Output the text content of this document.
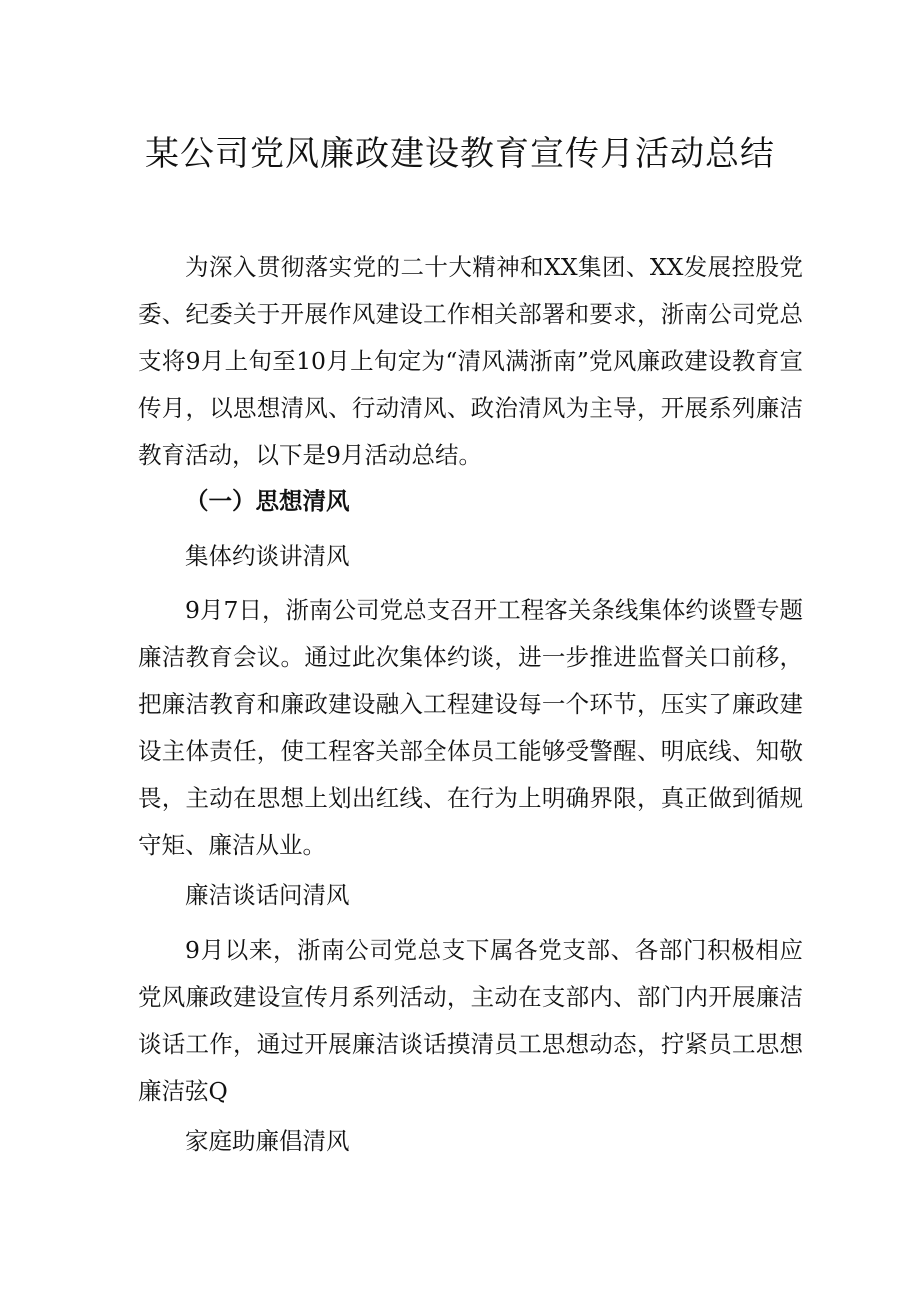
某公司党风廉政建设教育宣传月活动总结

为深入贯彻落实党的二十大精神和XX集团、XX发展控股党委、纪委关于开展作风建设工作相关部署和要求，浙南公司党总支将9月上旬至10月上旬定为“清风满浙南”党风廉政建设教育宣传月，以思想清风、行动清风、政治清风为主导，开展系列廉洁教育活动，以下是9月活动总结。

（一）思想清风

集体约谈讲清风

9月7日，浙南公司党总支召开工程客关条线集体约谈暨专题廉洁教育会议。通过此次集体约谈，进一步推进监督关口前移，把廉洁教育和廉政建设融入工程建设每一个环节，压实了廉政建设主体责任，使工程客关部全体员工能够受警醒、明底线、知敬畏，主动在思想上划出红线、在行为上明确界限，真正做到循规守矩、廉洁从业。

廉洁谈话问清风

9月以来，浙南公司党总支下属各党支部、各部门积极相应党风廉政建设宣传月系列活动，主动在支部内、部门内开展廉洁谈话工作，通过开展廉洁谈话摸清员工思想动态，拧紧员工思想廉洁弦Q

家庭助廉倡清风
